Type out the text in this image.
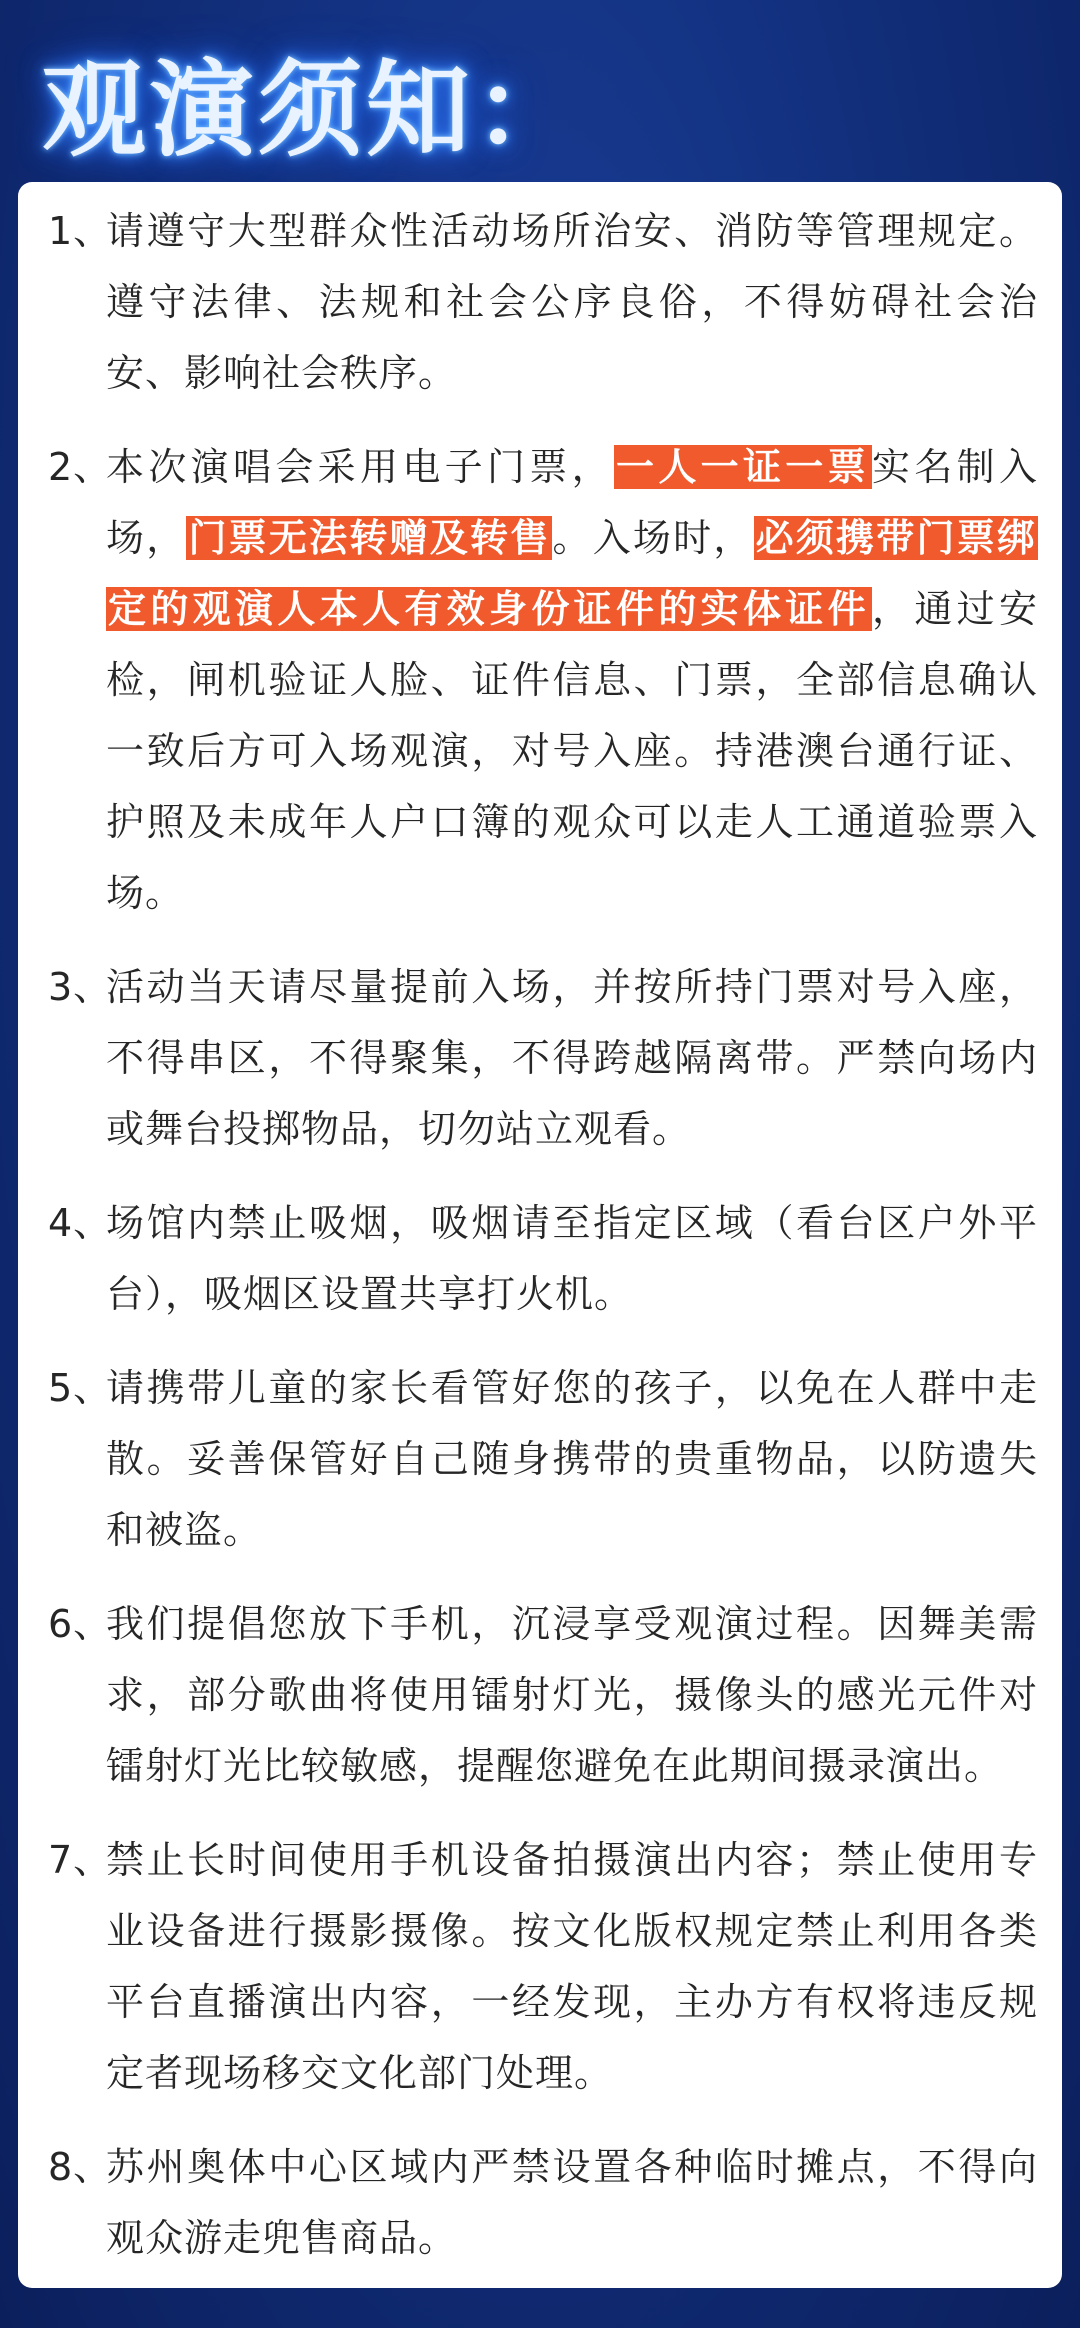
观演须知：
1、
请遵守大型群众性活动场所治安、消防等管理规定。遵守法律、法规和社会公序良俗，不得妨碍社会治安、影响社会秩序。
2、
本次演唱会采用电子门票，一人一证一票实名制入场，门票无法转赠及转售。入场时，必须携带门票绑定的观演人本人有效身份证件的实体证件，通过安检，闸机验证人脸、证件信息、门票，全部信息确认一致后方可入场观演，对号入座。持港澳台通行证、护照及未成年人户口簿的观众可以走人工通道验票入场。
3、
活动当天请尽量提前入场，并按所持门票对号入座，不得串区，不得聚集，不得跨越隔离带。严禁向场内或舞台投掷物品，切勿站立观看。
4、
场馆内禁止吸烟，吸烟请至指定区域（看台区户外平台），吸烟区设置共享打火机。
5、
请携带儿童的家长看管好您的孩子，以免在人群中走散。妥善保管好自己随身携带的贵重物品，以防遗失和被盗。
6、
我们提倡您放下手机，沉浸享受观演过程。因舞美需求，部分歌曲将使用镭射灯光，摄像头的感光元件对镭射灯光比较敏感，提醒您避免在此期间摄录演出。
7、
禁止长时间使用手机设备拍摄演出内容；禁止使用专业设备进行摄影摄像。按文化版权规定禁止利用各类平台直播演出内容，一经发现，主办方有权将违反规定者现场移交文化部门处理。
8、
苏州奥体中心区域内严禁设置各种临时摊点，不得向观众游走兜售商品。
